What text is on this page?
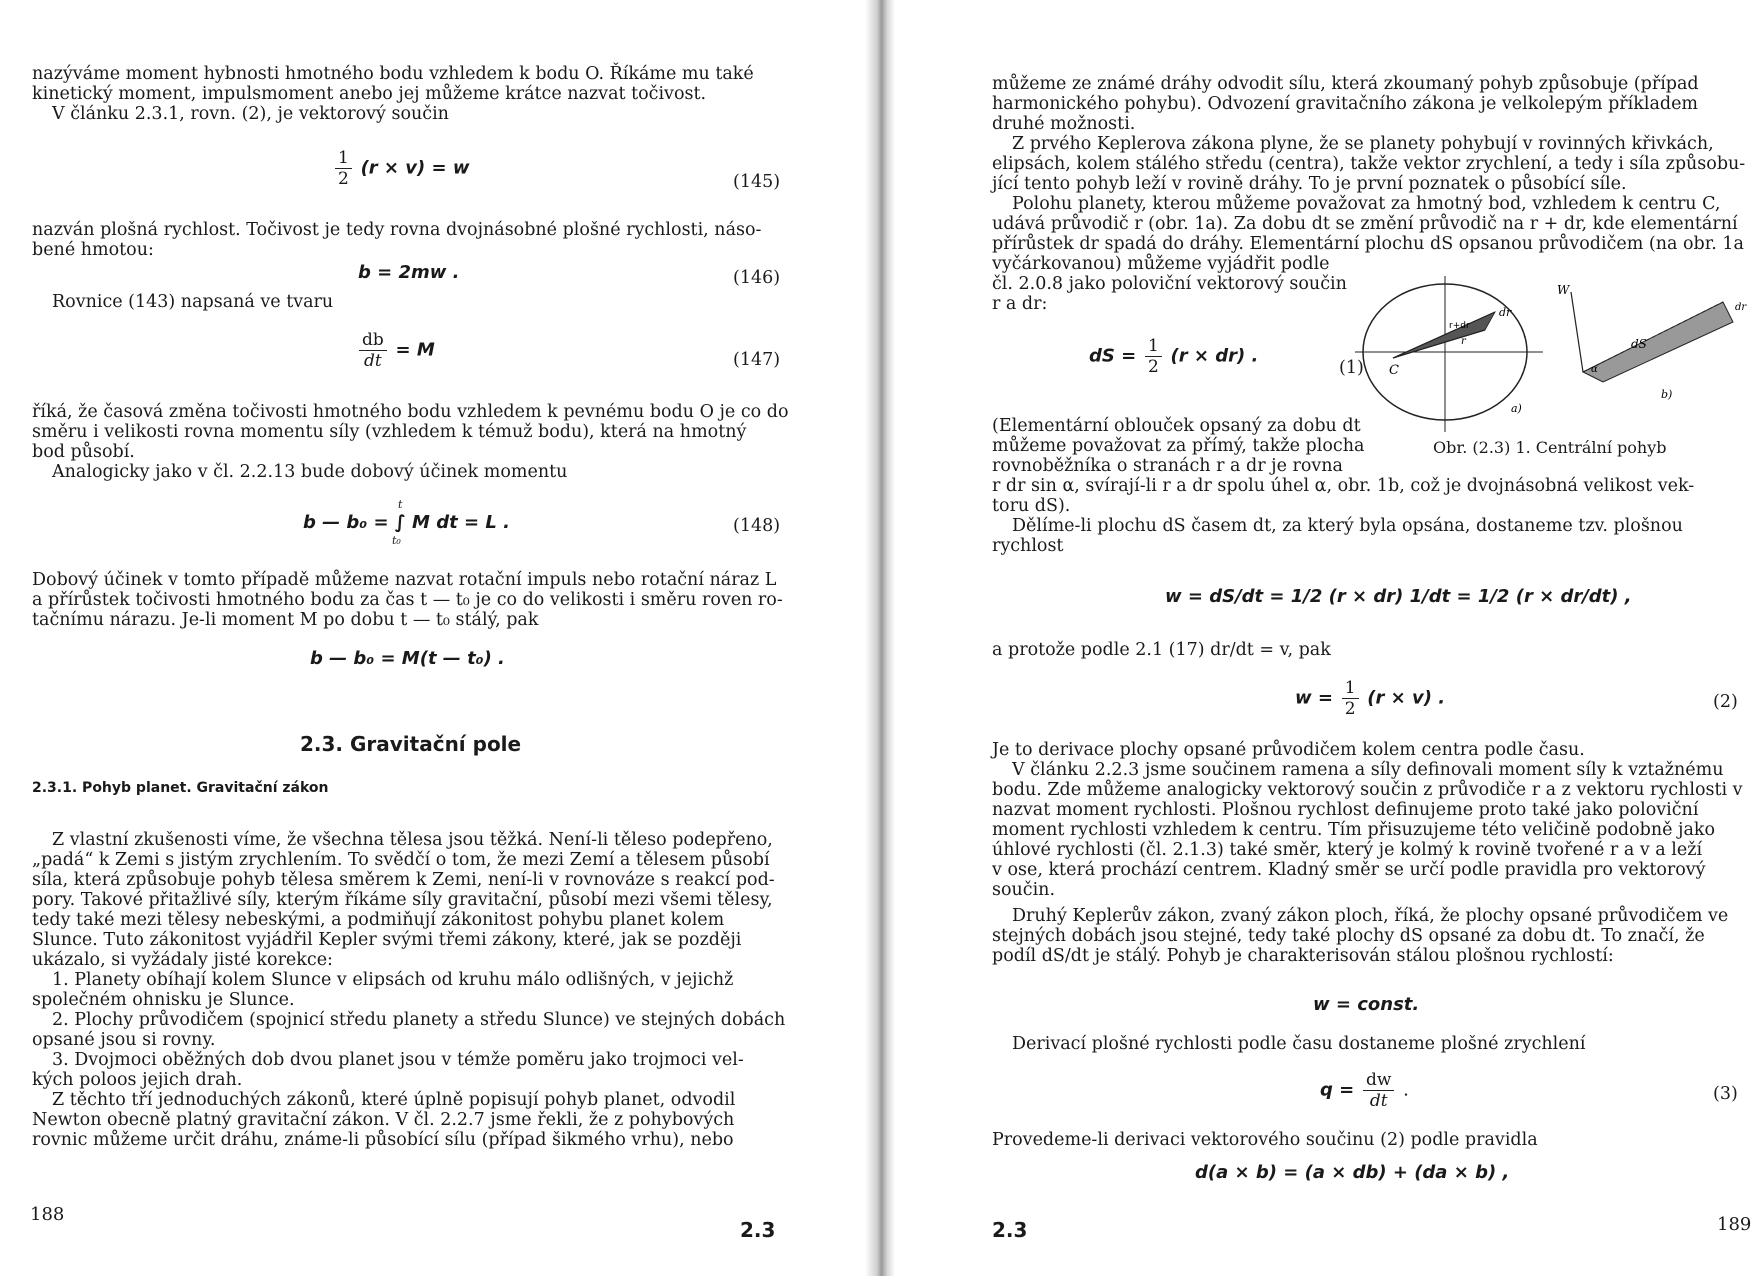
nazýváme moment hybnosti hmotného bodu vzhledem k bodu O. Říkáme mu také
kinetický moment, impulsmoment anebo jej můžeme krátce nazvat točivost.
V článku 2.3.1, rovn. (2), je vektorový součin
$\frac{1}{2} (r \times v) = w$
(145)
nazván plošná rychlost. Točivost je tedy rovna dvojnásobné plošné rychlosti, náso-
bené hmotou:
b = 2mw .	(146)
Rovnice (143) napsaná ve tvaru
$\frac{db}{dt} = M$	(147)
říká, že časová změna točivosti hmotného bodu vzhledem k pevnému bodu O je co do
směru i velikosti rovna momentu síly (vzhledem k témuž bodu), která na hmotný
bod působí.
Analogicky jako v čl. 2.2.13 bude dobový účinek momentu
b — b₀ = ∫ M dt = L .
t
t₀
(148)
Dobový účinek v tomto případě můžeme nazvat rotační impuls nebo rotační náraz L
a přírůstek točivosti hmotného bodu za čas t — t₀ je co do velikosti i směru roven ro-
tačnímu nárazu. Je-li moment M po dobu t — t₀ stálý, pak
b — b₀ = M(t — t₀) .
2.3. Gravitační pole
2.3.1. Pohyb planet. Gravitační zákon
Z vlastní zkušenosti víme, že všechna tělesa jsou těžká. Není-li těleso podepřeno,
„padá“ k Zemi s jistým zrychlením. To svědčí o tom, že mezi Zemí a tělesem působí
síla, která způsobuje pohyb tělesa směrem k Zemi, není-li v rovnováze s reakcí pod-
pory. Takové přitažlivé síly, kterým říkáme síly gravitační, působí mezi všemi tělesy,
tedy také mezi tělesy nebeskými, a podmiňují zákonitost pohybu planet kolem
Slunce. Tuto zákonitost vyjádřil Kepler svými třemi zákony, které, jak se později
ukázalo, si vyžádaly jisté korekce:
1. Planety obíhají kolem Slunce v elipsách od kruhu málo odlišných, v jejichž
společném ohnisku je Slunce.
2. Plochy průvodičem (spojnicí středu planety a středu Slunce) ve stejných dobách
opsané jsou si rovny.
3. Dvojmoci oběžných dob dvou planet jsou v témže poměru jako trojmoci vel-
kých poloos jejich drah.
Z těchto tří jednoduchých zákonů, které úplně popisují pohyb planet, odvodil
Newton obecně platný gravitační zákon. V čl. 2.2.7 jsme řekli, že z pohybových
rovnic můžeme určit dráhu, známe-li působící sílu (případ šikmého vrhu), nebo
188
2.3
můžeme ze známé dráhy odvodit sílu, která zkoumaný pohyb způsobuje (případ
harmonického pohybu). Odvození gravitačního zákona je velkolepým příkladem
druhé možnosti.
Z prvého Keplerova zákona plyne, že se planety pohybují v rovinných křivkách,
elipsách, kolem stálého středu (centra), takže vektor zrychlení, a tedy i síla způsobu-
jící tento pohyb leží v rovině dráhy. To je první poznatek o působící síle.
Polohu planety, kterou můžeme považovat za hmotný bod, vzhledem k centru C,
udává průvodič r (obr. 1a). Za dobu dt se změní průvodič na r + dr, kde elementární
přírůstek dr spadá do dráhy. Elementární plochu dS opsanou průvodičem (na obr. 1a
vyčárkovanou) můžeme vyjádřit podle
čl. 2.0.8 jako poloviční vektorový součin
r a dr:
dS = $\frac{1}{2} (r \times dr)$ .
(1)
(Elementární oblouček opsaný za dobu dt
můžeme považovat za přímý, takže plocha
rovnoběžníka o stranách r a dr je rovna
C
r+dr
r
dr
a)
W
dS
α
dr
b)
Obr. (2.3) 1. Centrální pohyb
r dr sin α, svírají-li r a dr spolu úhel α, obr. 1b, což je dvojnásobná velikost vek-
toru dS).
Dělíme-li plochu dS časem dt, za který byla opsána, dostaneme tzv. plošnou
rychlost
w = dS/dt = 1/2 (r × dr) 1/dt = 1/2 (r × dr/dt) ,
a protože podle 2.1 (17) dr/dt = v, pak
$w = \frac{1}{2} (r \times v)$ .	(2)
Je to derivace plochy opsané průvodičem kolem centra podle času.
V článku 2.2.3 jsme součinem ramena a síly definovali moment síly k vztažnému
bodu. Zde můžeme analogicky vektorový součin z průvodiče r a z vektoru rychlosti v
nazvat moment rychlosti. Plošnou rychlost definujeme proto také jako poloviční
moment rychlosti vzhledem k centru. Tím přisuzujeme této veličině podobně jako
úhlové rychlosti (čl. 2.1.3) také směr, který je kolmý k rovině tvořené r a v a leží
v ose, která prochází centrem. Kladný směr se určí podle pravidla pro vektorový
součin.
Druhý Keplerův zákon, zvaný zákon ploch, říká, že plochy opsané průvodičem ve
stejných dobách jsou stejné, tedy také plochy dS opsané za dobu dt. To značí, že
podíl dS/dt je stálý. Pohyb je charakterisován stálou plošnou rychlostí:
w = const.
Derivací plošné rychlosti podle času dostaneme plošné zrychlení
$q = \frac{dw}{dt}$ .	(3)
Provedeme-li derivaci vektorového součinu (2) podle pravidla
d(a × b) = (a × db) + (da × b) ,
2.3	189
